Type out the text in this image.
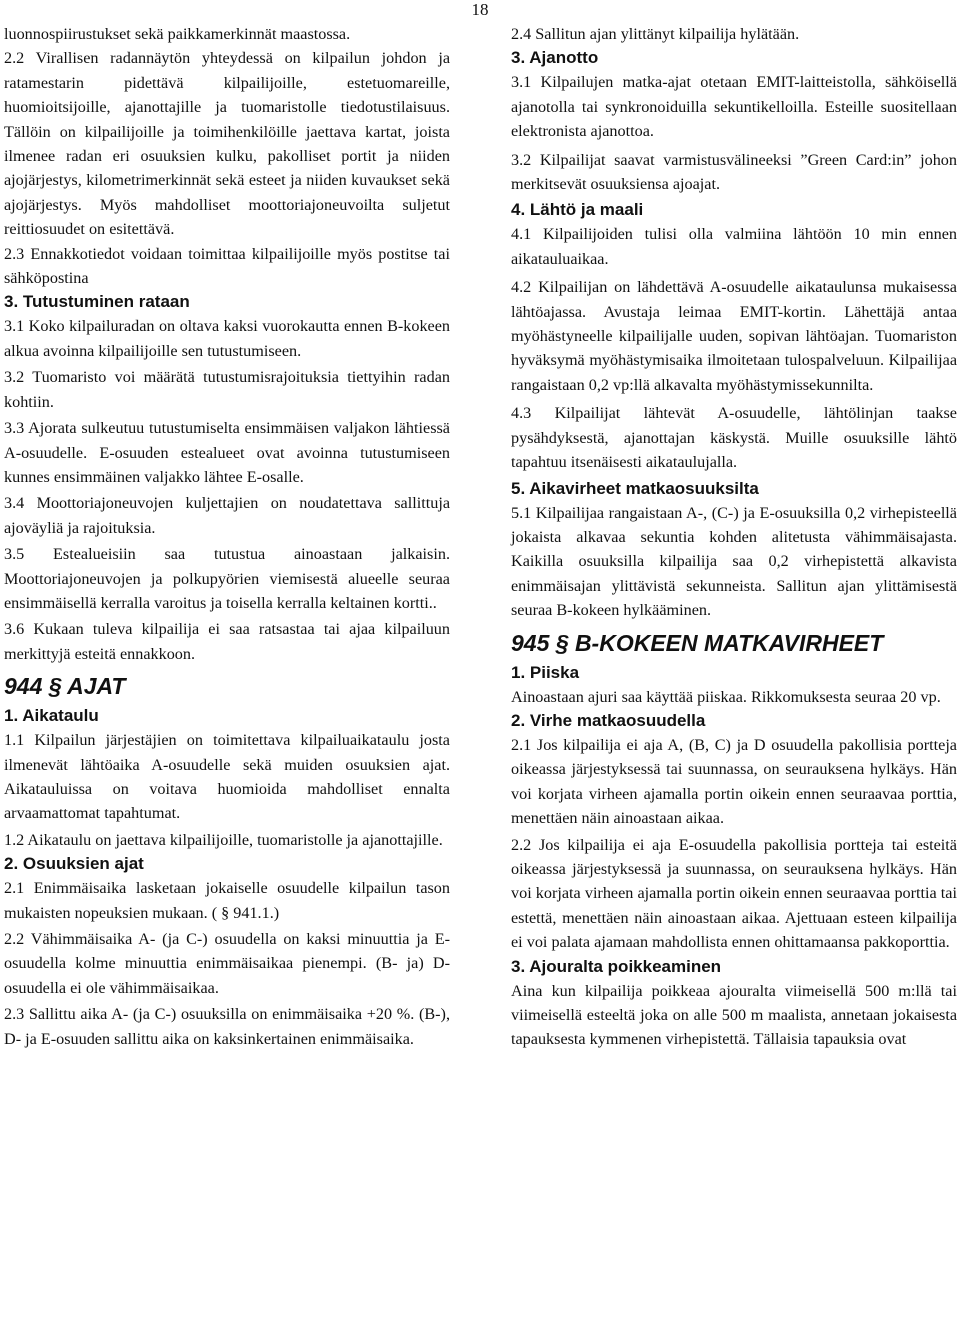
18

luonnospiirustukset sekä paikkamerkinnät maastossa.

2.2 Virallisen radannäytön yhteydessä on kilpailun johdon ja ratamestarin pidettävä kilpailijoille, estetuomareille, huomioitsijoille, ajanottajille ja tuomaristolle tiedotustilaisuus. Tällöin on kilpailijoille ja toimihenkilöille jaettava kartat, joista ilmenee radan eri osuuksien kulku, pakolliset portit ja niiden ajojärjestys, kilometrimerkinnät sekä esteet ja niiden kuvaukset sekä ajojärjestys. Myös mahdolliset moottoriajoneuvoilta suljetut reittiosuudet on esitettävä.

2.3 Ennakkotiedot voidaan toimittaa kilpailijoille myös postitse tai sähköpostina

3. Tutustuminen rataan

3.1 Koko kilpailuradan on oltava kaksi vuorokautta ennen B-kokeen alkua avoinna kilpailijoille sen tutustumiseen.

3.2 Tuomaristo voi määrätä tutustumisrajoituksia tiettyihin radan kohtiin.

3.3 Ajorata sulkeutuu tutustumiselta ensimmäisen valjakon lähtiessä A-osuudelle. E-osuuden estealueet ovat avoinna tutustumiseen kunnes ensimmäinen valjakko lähtee E-osalle.

3.4 Moottoriajoneuvojen kuljettajien on noudatettava sallittuja ajoväyliä ja rajoituksia.

3.5 Estealueisiin saa tutustua ainoastaan jalkaisin. Moottoriajoneuvojen ja polkupyörien viemisestä alueelle seuraa ensimmäisellä kerralla varoitus ja toisella kerralla keltainen kortti..

3.6 Kukaan tuleva kilpailija ei saa ratsastaa tai ajaa kilpailuun merkittyjä esteitä ennakkoon.

944 § AJAT
1. Aikataulu

1.1 Kilpailun järjestäjien on toimitettava kilpailuaikataulu josta ilmenevät lähtöaika A-osuudelle sekä muiden osuuksien ajat. Aikatauluissa on voitava huomioida mahdolliset ennalta arvaamattomat tapahtumat.

1.2 Aikataulu on jaettava kilpailijoille, tuomaristolle ja ajanottajille.

2. Osuuksien ajat

2.1 Enimmäisaika lasketaan jokaiselle osuudelle kilpailun tason mukaisten nopeuksien mukaan. ( § 941.1.)

2.2 Vähimmäisaika A- (ja C-) osuudella on kaksi minuuttia ja E-osuudella kolme minuuttia enimmäisaikaa pienempi. (B- ja) D-osuudella ei ole vähimmäisaikaa.

2.3 Sallittu aika A- (ja C-) osuuksilla on enimmäisaika +20 %. (B-), D- ja E-osuuden sallittu aika on kaksinkertainen enimmäisaika.

2.4 Sallitun ajan ylittänyt kilpailija hylätään.

3. Ajanotto

3.1 Kilpailujen matka-ajat otetaan EMIT-laitteistolla, sähköisellä ajanotolla tai synkronoiduilla sekuntikelloilla. Esteille suositellaan elektronista ajanottoa.

3.2 Kilpailijat saavat varmistusvälineeksi ”Green Card:in” johon merkitsevät osuuksiensa ajoajat.

4. Lähtö ja maali

4.1 Kilpailijoiden tulisi olla valmiina lähtöön 10 min ennen aikatauluaikaa.

4.2 Kilpailijan on lähdettävä A-osuudelle aikataulunsa mukaisessa lähtöajassa. Avustaja leimaa EMIT-kortin. Lähettäjä antaa myöhästyneelle kilpailijalle uuden, sopivan lähtöajan. Tuomariston hyväksymä myöhästymisaika ilmoitetaan tulospalveluun. Kilpailijaa rangaistaan 0,2 vp:llä alkavalta myöhästymissekunnilta.

4.3 Kilpailijat lähtevät A-osuudelle, lähtölinjan taakse pysähdyksestä, ajanottajan käskystä. Muille osuuksille lähtö tapahtuu itsenäisesti aikataulujalla.

5. Aikavirheet matkaosuuksilta

5.1 Kilpailijaa rangaistaan A-, (C-) ja E-osuuksilla 0,2 virhepisteellä jokaista alkavaa sekuntia kohden alitetusta vähimmäisajasta. Kaikilla osuuksilla kilpailija saa 0,2 virhepistettä alkavista enimmäisajan ylittävistä sekunneista. Sallitun ajan ylittämisestä seuraa B-kokeen hylkääminen.

945 § B-KOKEEN MATKAVIRHEET
1. Piiska

Ainoastaan ajuri saa käyttää piiskaa. Rikkomuksesta seuraa 20 vp.

2. Virhe matkaosuudella

2.1 Jos kilpailija ei aja A, (B, C) ja D osuudella pakollisia portteja oikeassa järjestyksessä tai suunnassa, on seurauksena hylkäys. Hän voi korjata virheen ajamalla portin oikein ennen seuraavaa porttia, menettäen näin ainoastaan aikaa.

2.2 Jos kilpailija ei aja E-osuudella pakollisia portteja tai esteitä oikeassa järjestyksessä ja suunnassa, on seurauksena hylkäys. Hän voi korjata virheen ajamalla portin oikein ennen seuraavaa porttia tai estettä, menettäen näin ainoastaan aikaa. Ajettuaan esteen kilpailija ei voi palata ajamaan mahdollista ennen ohittamaansa pakkoporttia.

3. Ajouralta poikkeaminen

Aina kun kilpailija poikkeaa ajouralta viimeisellä 500 m:llä tai viimeisellä esteeltä joka on alle 500 m maalista, annetaan jokaisesta tapauksesta kymmenen virhepistettä. Tällaisia tapauksia ovat
